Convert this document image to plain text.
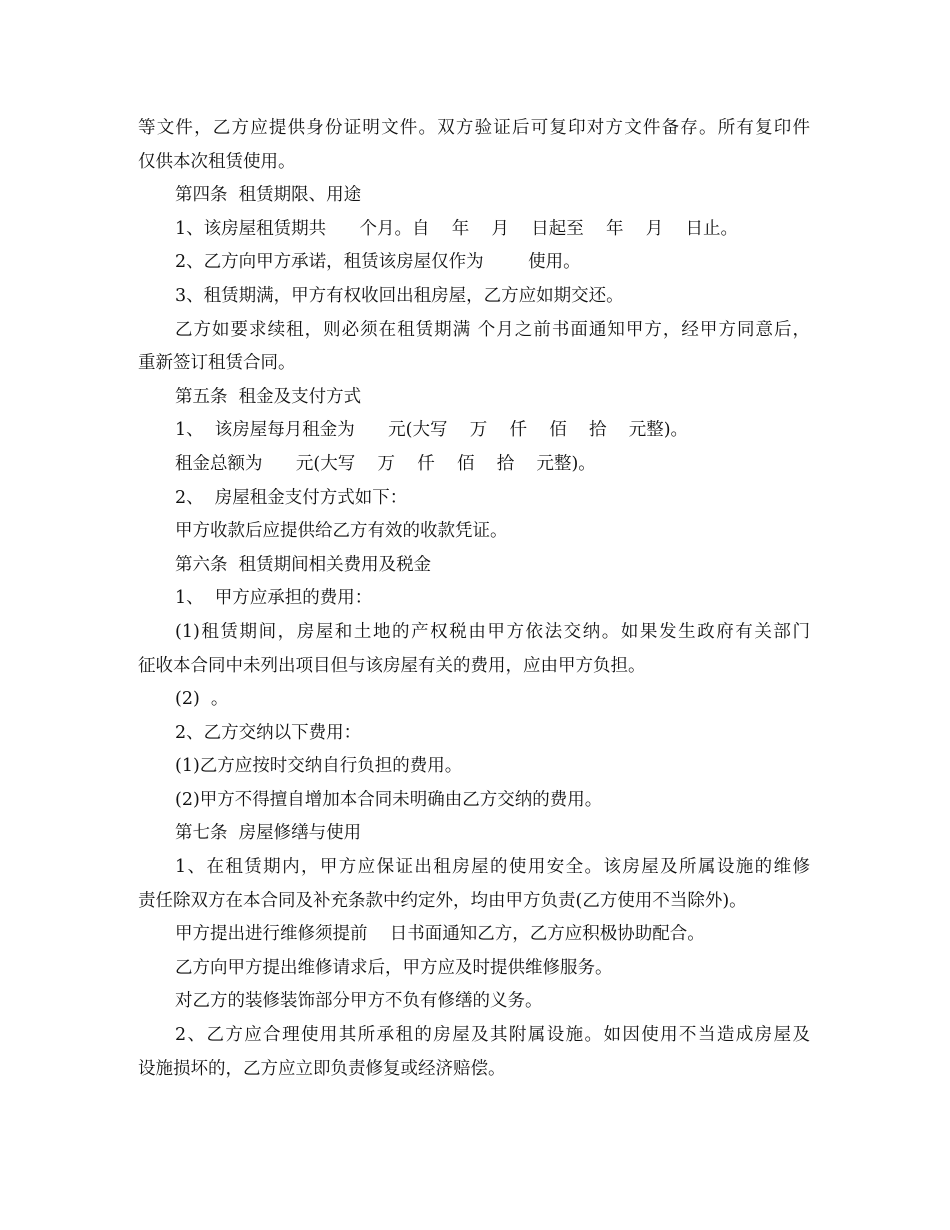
等文件，乙方应提供身份证明文件。双方验证后可复印对方文件备存。所有复印件
仅供本次租赁使用。
第四条  租赁期限、用途
1、该房屋租赁期共      个月。自    年    月    日起至    年    月    日止。
2、乙方向甲方承诺，租赁该房屋仅作为        使用。
3、租赁期满，甲方有权收回出租房屋，乙方应如期交还。
乙方如要求续租，则必须在租赁期满 个月之前书面通知甲方，经甲方同意后，
重新签订租赁合同。
第五条  租金及支付方式
1、  该房屋每月租金为      元(大写    万    仟    佰    拾    元整)。
租金总额为      元(大写    万    仟    佰    拾    元整)。
2、  房屋租金支付方式如下：
甲方收款后应提供给乙方有效的收款凭证。
第六条  租赁期间相关费用及税金
1、  甲方应承担的费用：
(1)租赁期间，房屋和土地的产权税由甲方依法交纳。如果发生政府有关部门
征收本合同中未列出项目但与该房屋有关的费用，应由甲方负担。
(2)  。
2、乙方交纳以下费用：
(1)乙方应按时交纳自行负担的费用。
(2)甲方不得擅自增加本合同未明确由乙方交纳的费用。
第七条  房屋修缮与使用
1、在租赁期内，甲方应保证出租房屋的使用安全。该房屋及所属设施的维修
责任除双方在本合同及补充条款中约定外，均由甲方负责(乙方使用不当除外)。
甲方提出进行维修须提前    日书面通知乙方，乙方应积极协助配合。
乙方向甲方提出维修请求后，甲方应及时提供维修服务。
对乙方的装修装饰部分甲方不负有修缮的义务。
2、乙方应合理使用其所承租的房屋及其附属设施。如因使用不当造成房屋及
设施损坏的，乙方应立即负责修复或经济赔偿。
